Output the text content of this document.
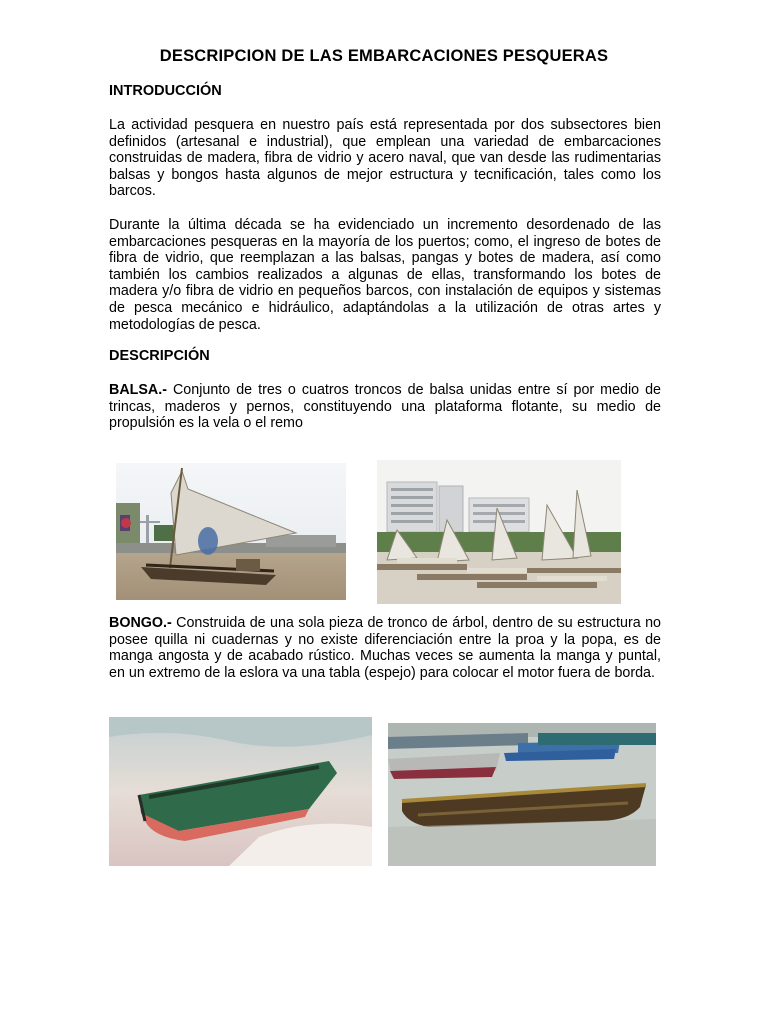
DESCRIPCION DE LAS EMBARCACIONES PESQUERAS
INTRODUCCIÓN
La actividad pesquera en nuestro país está representada por dos subsectores bien definidos (artesanal e industrial), que emplean una variedad de embarcaciones construidas de madera, fibra de vidrio y acero naval, que van desde las rudimentarias balsas y bongos hasta algunos de mejor estructura y tecnificación, tales como los barcos.
Durante la última década se ha evidenciado un incremento desordenado de las embarcaciones pesqueras en la mayoría de los puertos; como, el ingreso de botes de fibra de vidrio, que reemplazan a las balsas, pangas y botes de madera, así como también los cambios realizados a algunas de ellas, transformando los botes de madera y/o fibra de vidrio en pequeños barcos, con instalación de equipos y sistemas de pesca mecánico e hidráulico, adaptándolas a la utilización de otras artes y metodologías de pesca.
DESCRIPCIÓN
BALSA.- Conjunto de tres o cuatros troncos de balsa unidas entre sí por medio de trincas, maderos y pernos, constituyendo una plataforma flotante, su medio de propulsión es la vela o el remo
BONGO.- Construida de una sola pieza de tronco de árbol, dentro de su estructura no posee quilla ni cuadernas y no existe diferenciación entre la proa y la popa, es de manga angosta y de acabado rústico. Muchas veces se aumenta la manga y puntal, en un extremo de la eslora va una tabla (espejo) para colocar el motor fuera de borda.
